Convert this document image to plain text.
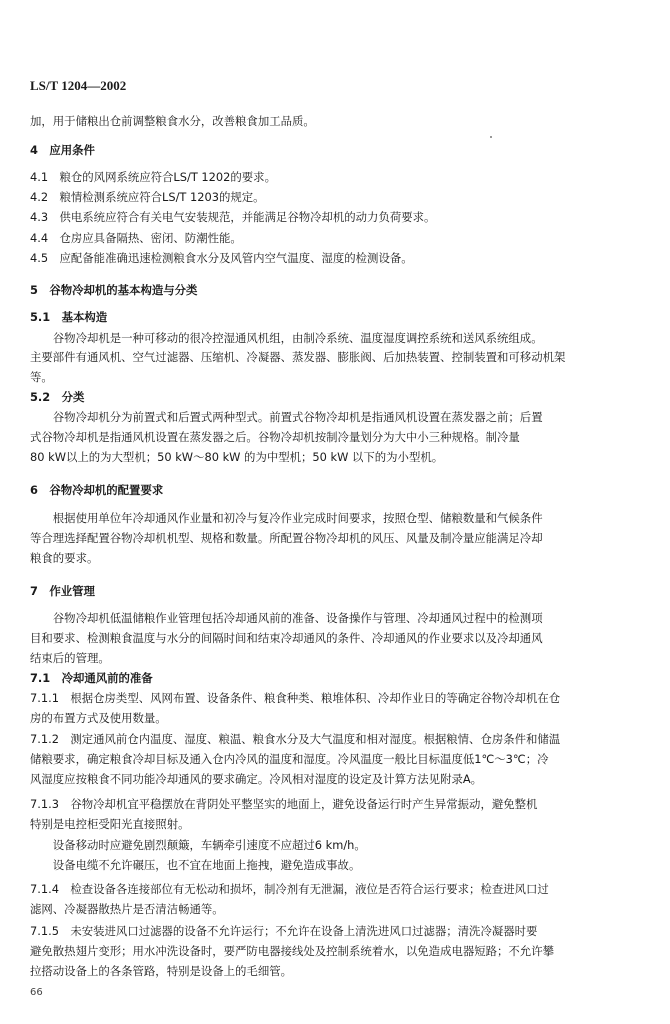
LS/T 1204—2002
加，用于储粮出仓前调整粮食水分，改善粮食加工品质。
4　应用条件
4.1　粮仓的风网系统应符合LS/T 1202的要求。
4.2　粮情检测系统应符合LS/T 1203的规定。
4.3　供电系统应符合有关电气安装规范，并能满足谷物冷却机的动力负荷要求。
4.4　仓房应具备隔热、密闭、防潮性能。
4.5　应配备能准确迅速检测粮食水分及风管内空气温度、湿度的检测设备。
5　谷物冷却机的基本构造与分类
5.1　基本构造
　　谷物冷却机是一种可移动的很冷控湿通风机组，由制冷系统、温度湿度调控系统和送风系统组成。
主要部件有通风机、空气过滤器、压缩机、冷凝器、蒸发器、膨胀阀、后加热装置、控制装置和可移动机架
等。
5.2　分类
　　谷物冷却机分为前置式和后置式两种型式。前置式谷物冷却机是指通风机设置在蒸发器之前；后置
式谷物冷却机是指通风机设置在蒸发器之后。谷物冷却机按制冷量划分为大中小三种规格。制冷量
80 kW以上的为大型机；50 kW～80 kW 的为中型机；50 kW 以下的为小型机。
6　谷物冷却机的配置要求
　　根据使用单位年冷却通风作业量和初冷与复冷作业完成时间要求，按照仓型、储粮数量和气候条件
等合理选择配置谷物冷却机机型、规格和数量。所配置谷物冷却机的风压、风量及制冷量应能满足冷却
粮食的要求。
7　作业管理
　　谷物冷却机低温储粮作业管理包括冷却通风前的准备、设备操作与管理、冷却通风过程中的检测项
目和要求、检测粮食温度与水分的间隔时间和结束冷却通风的条件、冷却通风的作业要求以及冷却通风
结束后的管理。
7.1　冷却通风前的准备
7.1.1　根据仓房类型、风网布置、设备条件、粮食种类、粮堆体积、冷却作业日的等确定谷物冷却机在仓
房的布置方式及使用数量。
7.1.2　测定通风前仓内温度、湿度、粮温、粮食水分及大气温度和相对湿度。根据粮情、仓房条件和储温
储粮要求，确定粮食冷却目标及通入仓内冷风的温度和湿度。冷风温度一般比目标温度低1℃～3℃；冷
风湿度应按粮食不同功能冷却通风的要求确定。冷风相对湿度的设定及计算方法见附录A。
7.1.3　谷物冷却机宜平稳摆放在背阴处平整坚实的地面上，避免设备运行时产生异常振动，避免整机
特别是电控柜受阳光直接照射。
　　设备移动时应避免剧烈颠簸，车辆牵引速度不应超过6 km/h。
　　设备电缆不允许碾压，也不宜在地面上拖拽，避免造成事故。
7.1.4　检查设备各连接部位有无松动和损坏，制冷剂有无泄漏，液位是否符合运行要求；检查进风口过
滤网、冷凝器散热片是否清洁畅通等。
7.1.5　未安装进风口过滤器的设备不允许运行；不允许在设备上清洗进风口过滤器；清洗冷凝器时要
避免散热翅片变形；用水冲洗设备时，要严防电器接线处及控制系统着水，以免造成电器短路；不允许攀
拉搭动设备上的各条管路，特别是设备上的毛细管。
66
